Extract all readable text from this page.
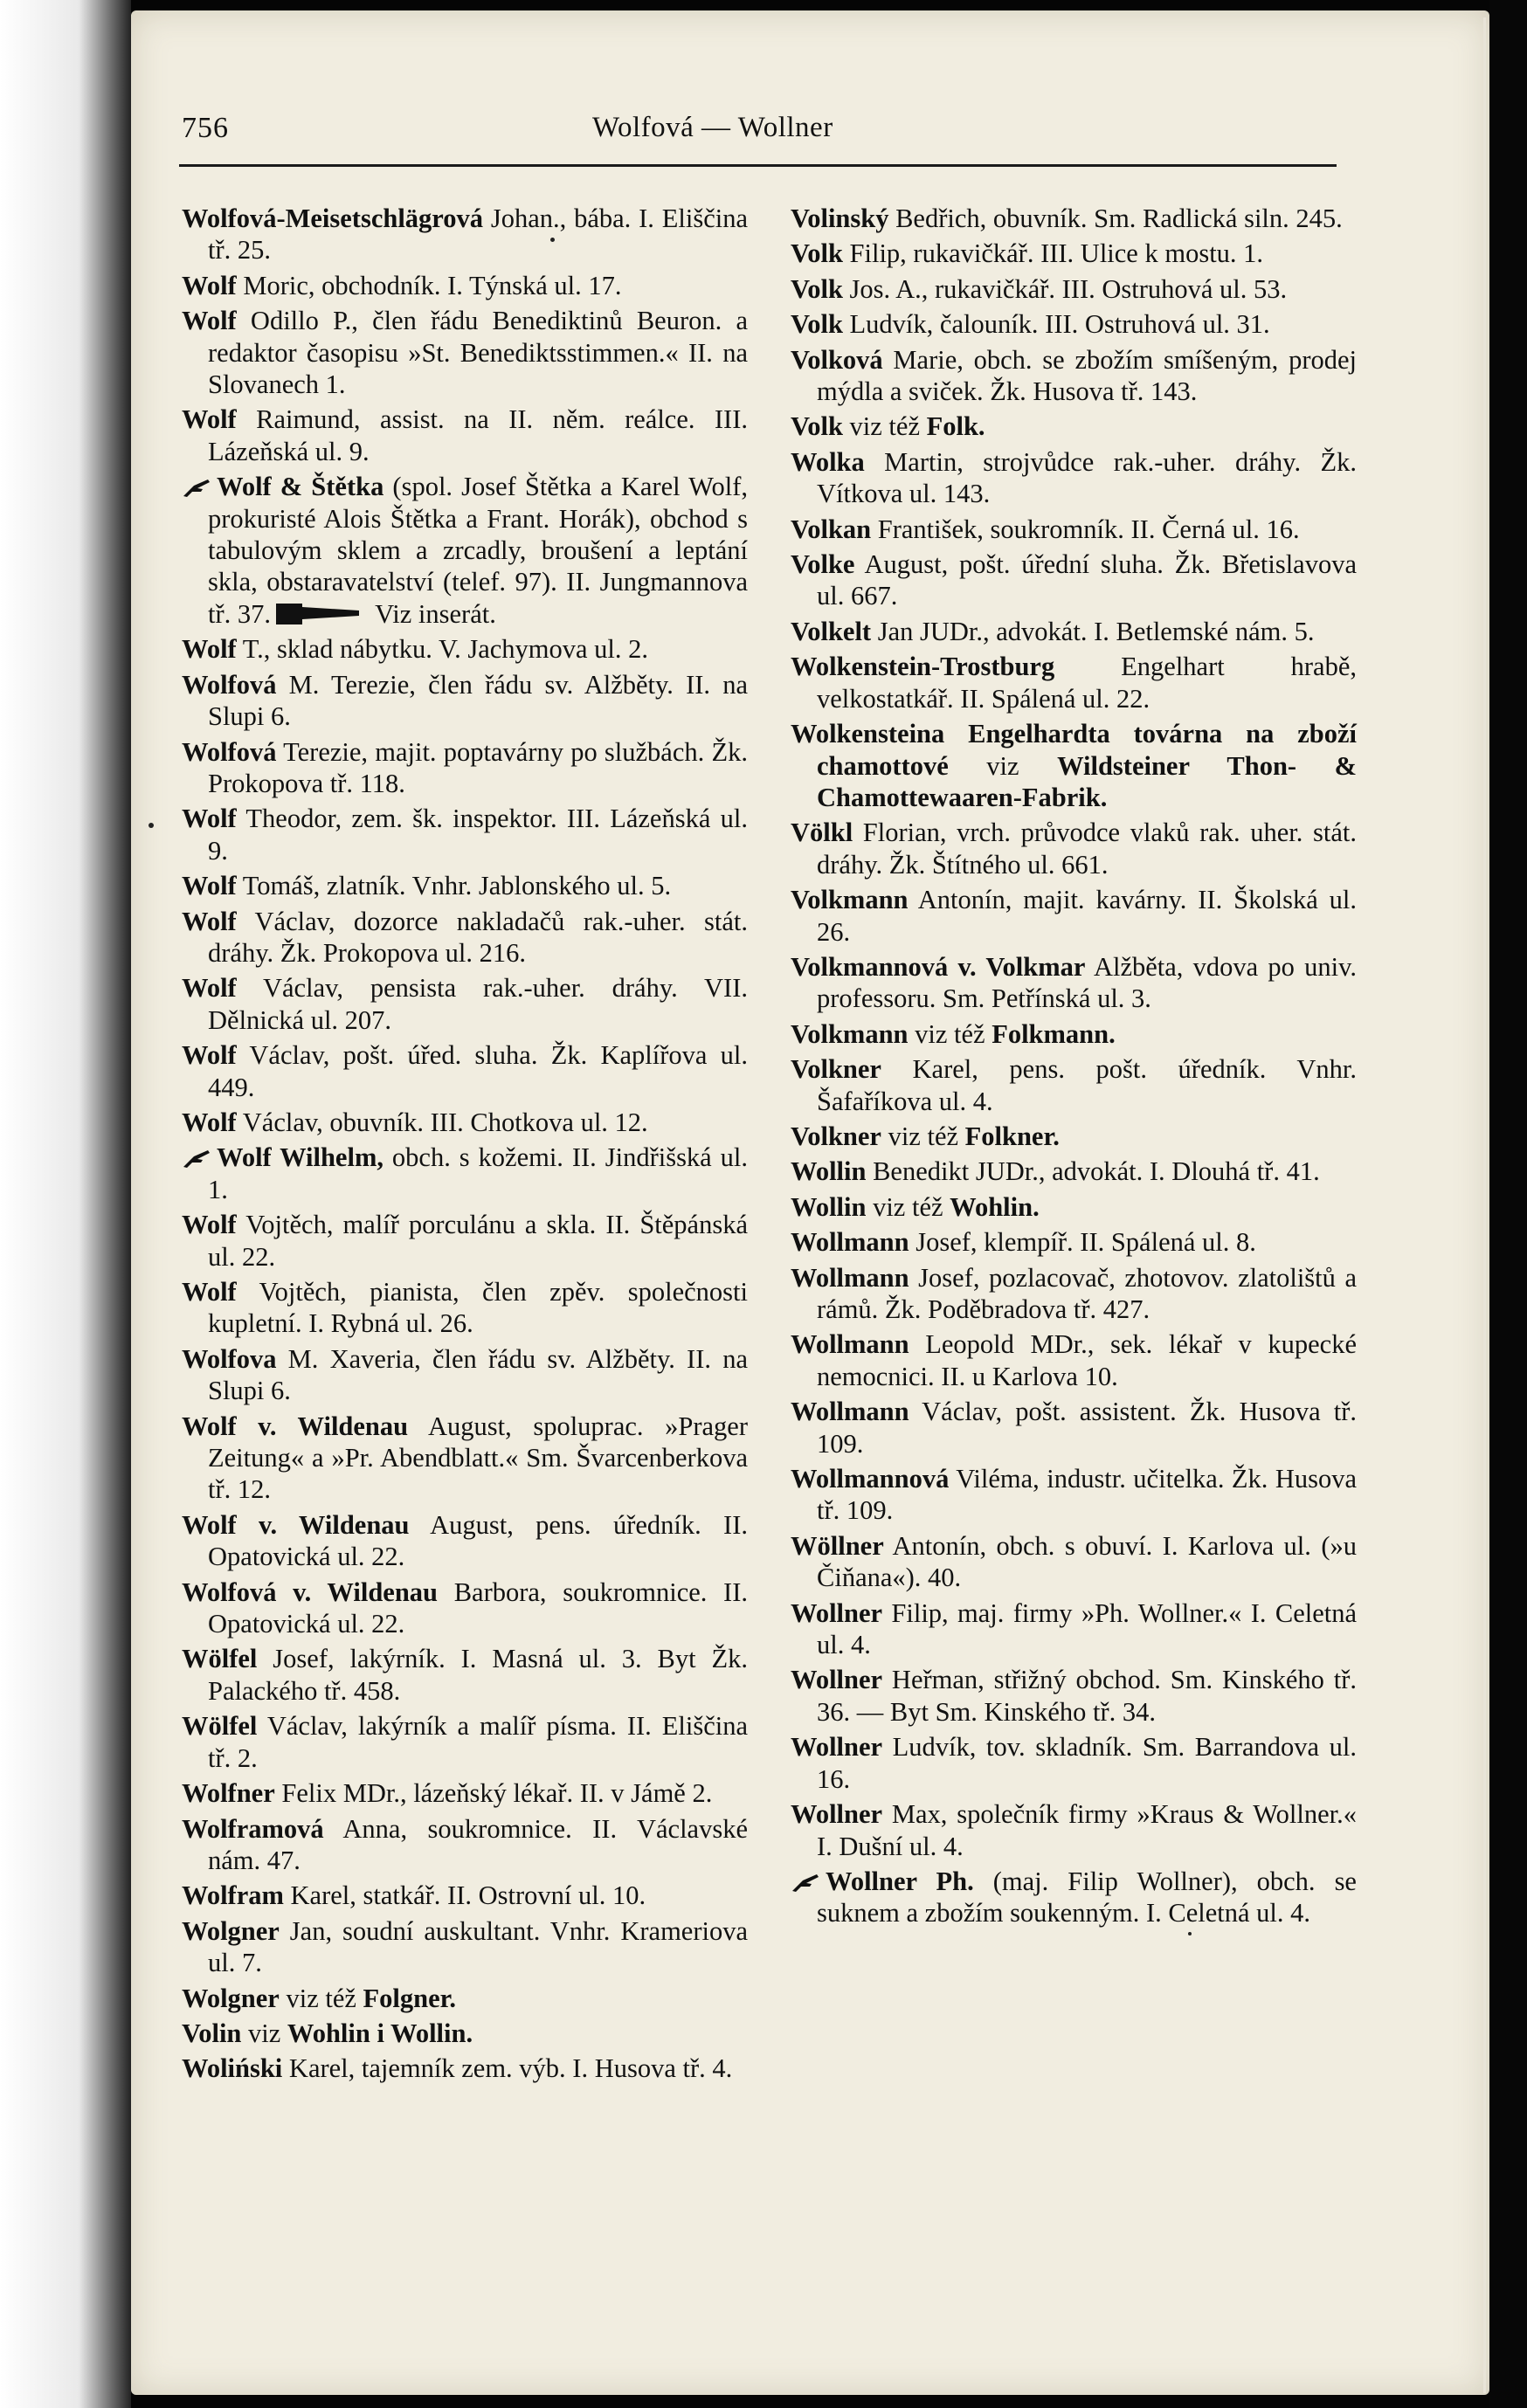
756	Wolfová — Wollner
Wolfová-Meisetschlägrová Johan., bába. I. Eliščina tř. 25.
Wolf Moric, obchodník. I. Týnská ul. 17.
Wolf Odillo P., člen řádu Benediktinů Beuron. a redaktor časopisu »St. Benediktsstimmen.« II. na Slovanech 1.
Wolf Raimund, assist. na II. něm. reálce. III. Lázeňská ul. 9.
Wolf & Štětka (spol. Josef Štětka a Karel Wolf, prokuristé Alois Štětka a Frant. Horák), obchod s tabulovým sklem a zrcadly, broušení a leptání skla, obstaravatelství (telef. 97). II. Jungmannova tř. 37.	Viz inserát.
Wolf T., sklad nábytku. V. Jachymova ul. 2.
Wolfová M. Terezie, člen řádu sv. Alžběty. II. na Slupi 6.
Wolfová Terezie, majit. poptavárny po službách. Žk. Prokopova tř. 118.
Wolf Theodor, zem. šk. inspektor. III. Lázeňská ul. 9.
Wolf Tomáš, zlatník. Vnhr. Jablonského ul. 5.
Wolf Václav, dozorce nakladačů rak.-uher. stát. dráhy. Žk. Prokopova ul. 216.
Wolf Václav, pensista rak.-uher. dráhy. VII. Dělnická ul. 207.
Wolf Václav, pošt. úřed. sluha. Žk. Kaplířova ul. 449.
Wolf Václav, obuvník. III. Chotkova ul. 12.
Wolf Wilhelm, obch. s kožemi. II. Jindřišská ul. 1.
Wolf Vojtěch, malíř porculánu a skla. II. Štěpánská ul. 22.
Wolf Vojtěch, pianista, člen zpěv. společnosti kupletní. I. Rybná ul. 26.
Wolfova M. Xaveria, člen řádu sv. Alžběty. II. na Slupi 6.
Wolf v. Wildenau August, spoluprac. »Prager Zeitung« a »Pr. Abendblatt.« Sm. Švarcenberkova tř. 12.
Wolf v. Wildenau August, pens. úředník. II. Opatovická ul. 22.
Wolfová v. Wildenau Barbora, soukromnice. II. Opatovická ul. 22.
Wölfel Josef, lakýrník. I. Masná ul. 3. Byt Žk. Palackého tř. 458.
Wölfel Václav, lakýrník a malíř písma. II. Eliščina tř. 2.
Wolfner Felix MDr., lázeňský lékař. II. v Jámě 2.
Wolframová Anna, soukromnice. II. Václavské nám. 47.
Wolfram Karel, statkář. II. Ostrovní ul. 10.
Wolgner Jan, soudní auskultant. Vnhr. Krameriova ul. 7.
Wolgner viz též Folgner.
Volin viz Wohlin i Wollin.
Woliński Karel, tajemník zem. výb. I. Husova tř. 4.
Volinský Bedřich, obuvník. Sm. Radlická siln. 245.
Volk Filip, rukavičkář. III. Ulice k mostu. 1.
Volk Jos. A., rukavičkář. III. Ostruhová ul. 53.
Volk Ludvík, čalouník. III. Ostruhová ul. 31.
Volková Marie, obch. se zbožím smíšeným, prodej mýdla a sviček. Žk. Husova tř. 143.
Volk viz též Folk.
Wolka Martin, strojvůdce rak.-uher. dráhy. Žk. Vítkova ul. 143.
Volkan František, soukromník. II. Černá ul. 16.
Volke August, pošt. úřední sluha. Žk. Břetislavova ul. 667.
Volkelt Jan JUDr., advokát. I. Betlemské nám. 5.
Wolkenstein-Trostburg Engelhart hrabě, velkostatkář. II. Spálená ul. 22.
Wolkensteina Engelhardta továrna na zboží chamottové viz Wildsteiner Thon- & Chamottewaaren-Fabrik.
Völkl Florian, vrch. průvodce vlaků rak. uher. stát. dráhy. Žk. Štítného ul. 661.
Volkmann Antonín, majit. kavárny. II. Školská ul. 26.
Volkmannová v. Volkmar Alžběta, vdova po univ. professoru. Sm. Petřínská ul. 3.
Volkmann viz též Folkmann.
Volkner Karel, pens. pošt. úředník. Vnhr. Šafaříkova ul. 4.
Volkner viz též Folkner.
Wollin Benedikt JUDr., advokát. I. Dlouhá tř. 41.
Wollin viz též Wohlin.
Wollmann Josef, klempíř. II. Spálená ul. 8.
Wollmann Josef, pozlacovač, zhotovov. zlatolištů a rámů. Žk. Poděbradova tř. 427.
Wollmann Leopold MDr., sek. lékař v kupecké nemocnici. II. u Karlova 10.
Wollmann Václav, pošt. assistent. Žk. Husova tř. 109.
Wollmannová Viléma, industr. učitelka. Žk. Husova tř. 109.
Wöllner Antonín, obch. s obuví. I. Karlova ul. (»u Čiňana«). 40.
Wollner Filip, maj. firmy »Ph. Wollner.« I. Celetná ul. 4.
Wollner Heřman, střižný obchod. Sm. Kinského tř. 36. — Byt Sm. Kinského tř. 34.
Wollner Ludvík, tov. skladník. Sm. Barrandova ul. 16.
Wollner Max, společník firmy »Kraus & Wollner.« I. Dušní ul. 4.
Wollner Ph. (maj. Filip Wollner), obch. se suknem a zbožím soukenným. I. Celetná ul. 4.
